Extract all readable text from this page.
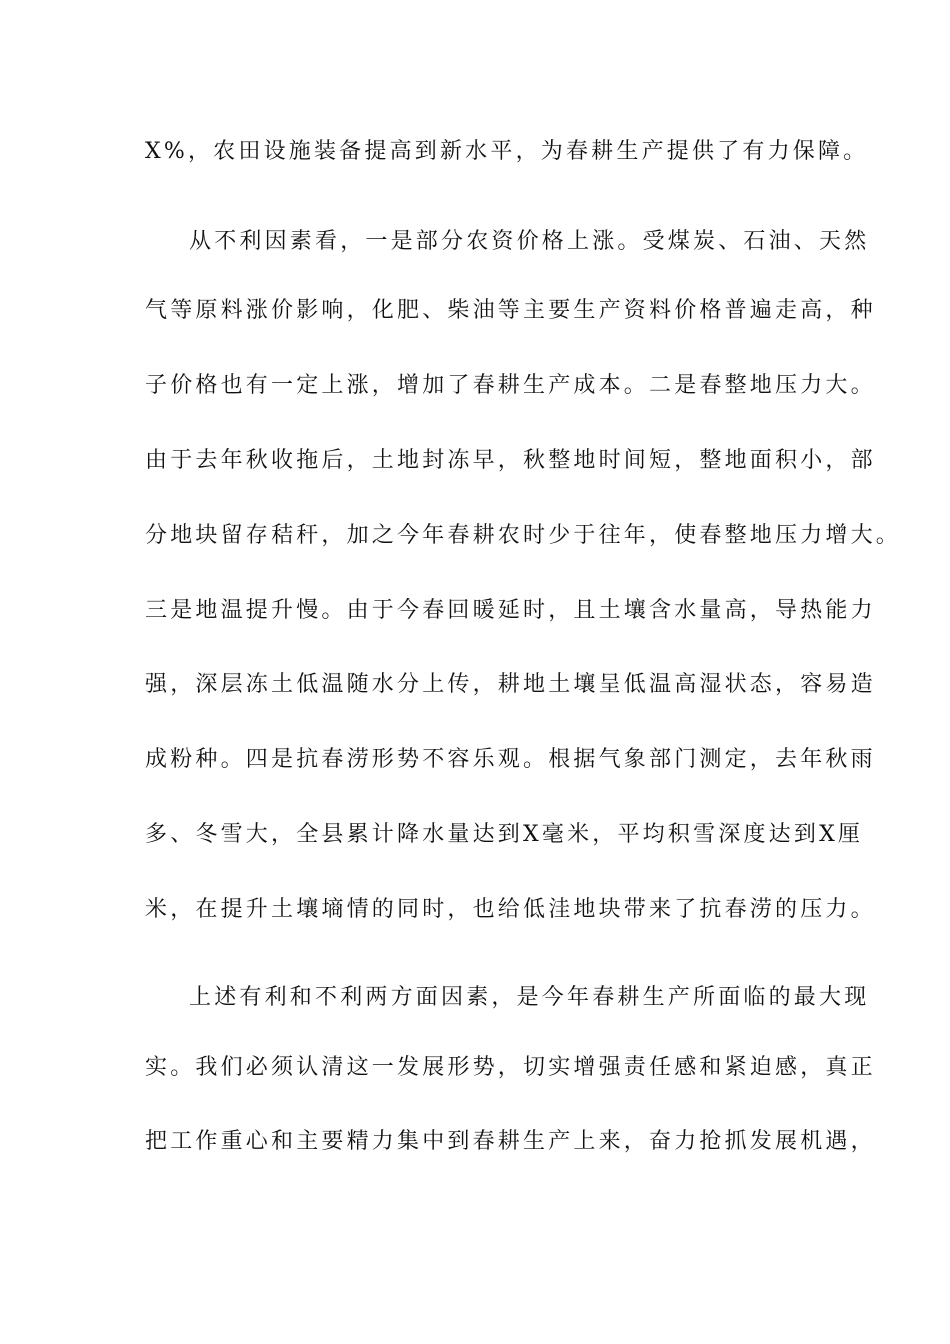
X%，农田设施装备提高到新水平，为春耕生产提供了有力保障。
从不利因素看，一是部分农资价格上涨。受煤炭、石油、天然
气等原料涨价影响，化肥、柴油等主要生产资料价格普遍走高，种
子价格也有一定上涨，增加了春耕生产成本。二是春整地压力大。
由于去年秋收拖后，土地封冻早，秋整地时间短，整地面积小，部
分地块留存秸秆，加之今年春耕农时少于往年，使春整地压力增大。
三是地温提升慢。由于今春回暖延时，且土壤含水量高，导热能力
强，深层冻土低温随水分上传，耕地土壤呈低温高湿状态，容易造
成粉种。四是抗春涝形势不容乐观。根据气象部门测定，去年秋雨
多、冬雪大，全县累计降水量达到X毫米，平均积雪深度达到X厘
米，在提升土壤墒情的同时，也给低洼地块带来了抗春涝的压力。
上述有利和不利两方面因素，是今年春耕生产所面临的最大现
实。我们必须认清这一发展形势，切实增强责任感和紧迫感，真正
把工作重心和主要精力集中到春耕生产上来，奋力抢抓发展机遇，
